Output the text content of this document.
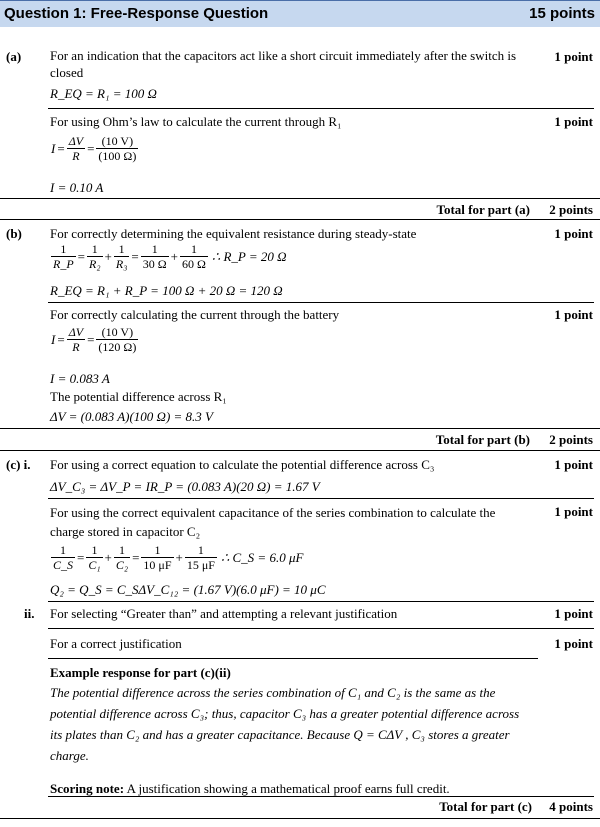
Question 1: Free-Response Question	15 points
(a) For an indication that the capacitors act like a short circuit immediately after the switch is closed
1 point
R_EQ = R₁ = 100 Ω
For using Ohm’s law to calculate the current through R₁	1 point
$I = \frac{\Delta V}{R} = \frac{(10 V)}{(100 \Omega)}$
I = 0.10 A
Total for part (a) 2 points
(b) For correctly determining the equivalent resistance during steady-state	1 point
$\frac{1}{R\_P} = \frac{1}{\text{R₂}} + \frac{1}{\text{R₃}} = \frac{1}{30 \Omega} + \frac{1}{60 \Omega}$ ∴ R_P = 20 Ω
R_EQ = R₁ + R_P = 100 Ω + 20 Ω = 120 Ω
For correctly calculating the current through the battery	1 point
$I = \frac{\Delta V}{R} = \frac{(10 V)}{(120 \Omega)}$
I = 0.083 A
The potential difference across R₁
ΔV = (0.083 A)(100 Ω) = 8.3 V
Total for part (b) 2 points
(c) i. For using a correct equation to calculate the potential difference across C₃	1 point
ΔV_C₃ = ΔV_P = IR_P = (0.083 A)(20 Ω) = 1.67 V
For using the correct equivalent capacitance of the series combination to calculate the charge stored in capacitor C₂
1 point
$\frac{1}{C\_S} = \frac{1}{\text{C₁}} + \frac{1}{\text{C₂}} = \frac{1}{10 \mu F} + \frac{1}{15 \mu F}$ ∴ C_S = 6.0 μF
Q₂ = Q_S = C_SΔV_C₁₂ = (1.67 V)(6.0 μF) = 10 μC
ii. For selecting “Greater than” and attempting a relevant justification	1 point
For a correct justification	1 point
Example response for part (c)(ii)
The potential difference across the series combination of C₁ and C₂ is the same as the potential difference across C₃; thus, capacitor C₃ has a greater potential difference across its plates than C₂ and has a greater capacitance. Because Q = CΔV , C₃ stores a greater charge.
Scoring note: A justification showing a mathematical proof earns full credit.
Total for part (c) 4 points
